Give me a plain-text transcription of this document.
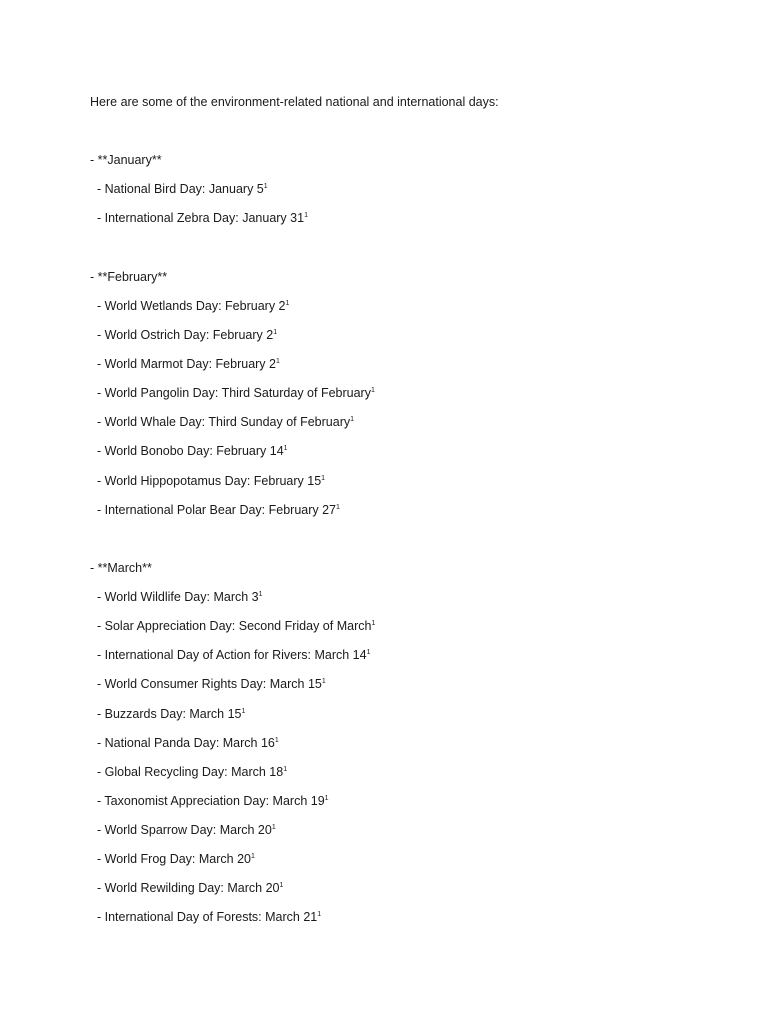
Here are some of the environment-related national and international days:
- **January**
- National Bird Day: January $5^1$
- International Zebra Day: January $31^1$
- **February**
- World Wetlands Day: February $2^1$
- World Ostrich Day: February $2^1$
- World Marmot Day: February $2^1$
- World Pangolin Day: Third Saturday of February$^1$
- World Whale Day: Third Sunday of February$^1$
- World Bonobo Day: February $14^1$
- World Hippopotamus Day: February $15^1$
- International Polar Bear Day: February $27^1$
- **March**
- World Wildlife Day: March $3^1$
- Solar Appreciation Day: Second Friday of March$^1$
- International Day of Action for Rivers: March $14^1$
- World Consumer Rights Day: March $15^1$
- Buzzards Day: March $15^1$
- National Panda Day: March $16^1$
- Global Recycling Day: March $18^1$
- Taxonomist Appreciation Day: March $19^1$
- World Sparrow Day: March $20^1$
- World Frog Day: March $20^1$
- World Rewilding Day: March $20^1$
- International Day of Forests: March $21^1$
